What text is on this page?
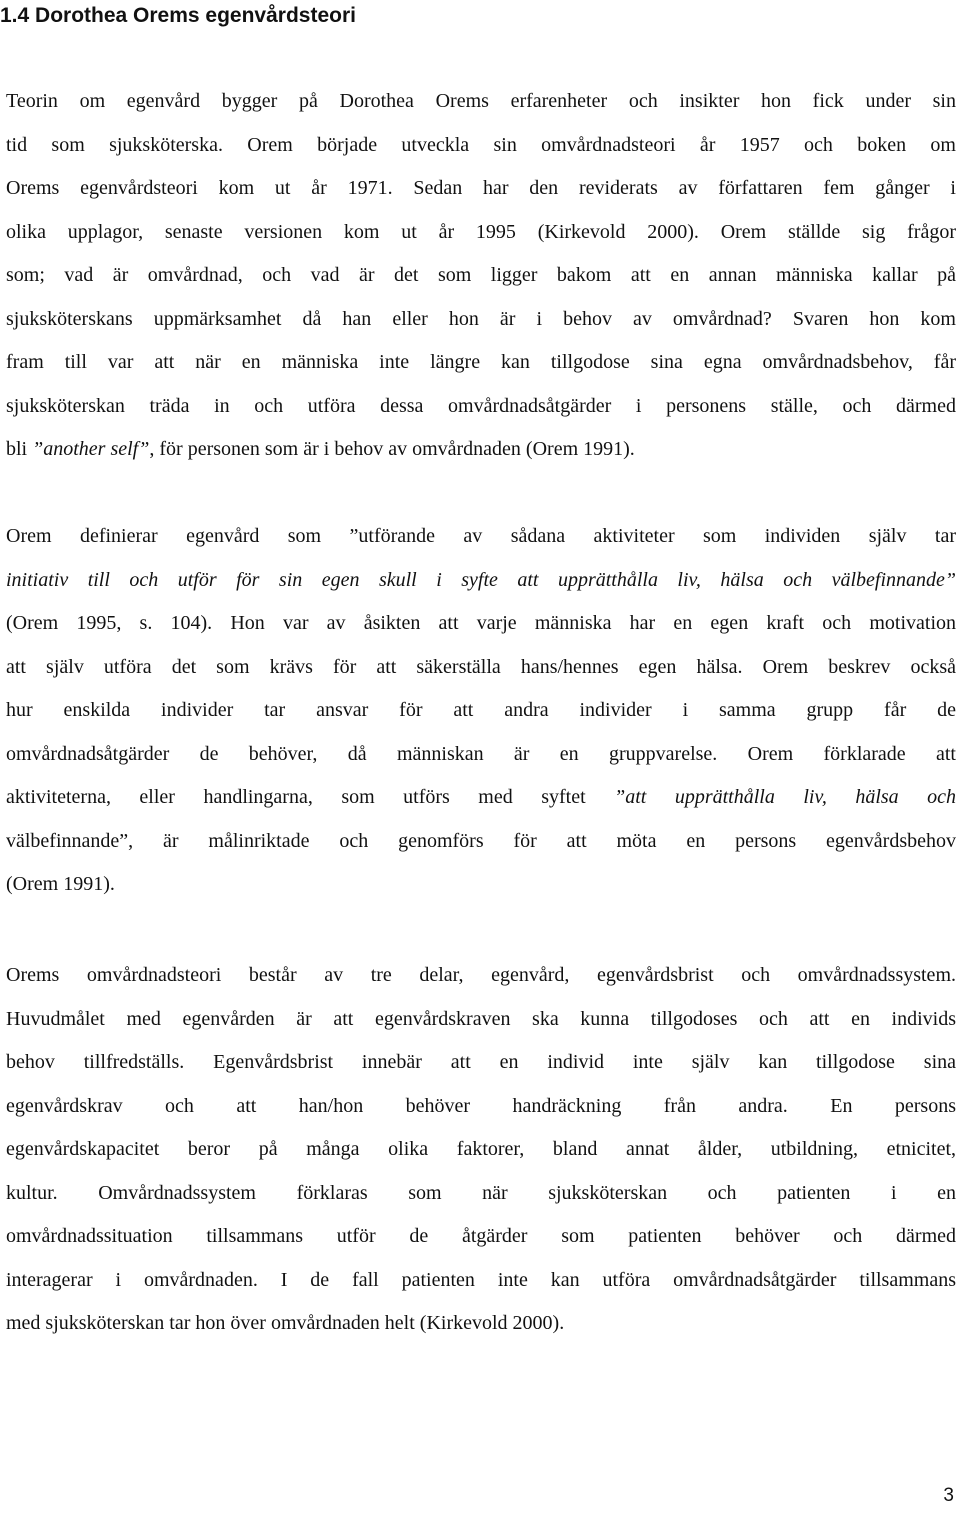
1.4 Dorothea Orems egenvårdsteori
Teorin om egenvård bygger på Dorothea Orems erfarenheter och insikter hon fick under sin
tid som sjuksköterska. Orem började utveckla sin omvårdnadsteori år 1957 och boken om
Orems egenvårdsteori kom ut år 1971. Sedan har den reviderats av författaren fem gånger i
olika upplagor, senaste versionen kom ut år 1995 (Kirkevold 2000). Orem ställde sig frågor
som; vad är omvårdnad, och vad är det som ligger bakom att en annan människa kallar på
sjuksköterskans uppmärksamhet då han eller hon är i behov av omvårdnad? Svaren hon kom
fram till var att när en människa inte längre kan tillgodose sina egna omvårdnadsbehov, får
sjuksköterskan träda in och utföra dessa omvårdnadsåtgärder i personens ställe, och därmed
bli ”another self”, för personen som är i behov av omvårdnaden (Orem 1991).
Orem definierar egenvård som ”utförande av sådana aktiviteter som individen själv tar
initiativ till och utför för sin egen skull i syfte att upprätthålla liv, hälsa och välbefinnande”
(Orem 1995, s. 104). Hon var av åsikten att varje människa har en egen kraft och motivation
att själv utföra det som krävs för att säkerställa hans/hennes egen hälsa. Orem beskrev också
hur enskilda individer tar ansvar för att andra individer i samma grupp får de
omvårdnadsåtgärder de behöver, då människan är en gruppvarelse. Orem förklarade att
aktiviteterna, eller handlingarna, som utförs med syftet ”att upprätthålla liv, hälsa och
välbefinnande”, är målinriktade och genomförs för att möta en persons egenvårdsbehov
(Orem 1991).
Orems omvårdnadsteori består av tre delar, egenvård, egenvårdsbrist och omvårdnadssystem.
Huvudmålet med egenvården är att egenvårdskraven ska kunna tillgodoses och att en individs
behov tillfredställs. Egenvårdsbrist innebär att en individ inte själv kan tillgodose sina
egenvårdskrav och att han/hon behöver handräckning från andra. En persons
egenvårdskapacitet beror på många olika faktorer, bland annat ålder, utbildning, etnicitet,
kultur. Omvårdnadssystem förklaras som när sjuksköterskan och patienten i en
omvårdnadssituation tillsammans utför de åtgärder som patienten behöver och därmed
interagerar i omvårdnaden. I de fall patienten inte kan utföra omvårdnadsåtgärder tillsammans
med sjuksköterskan tar hon över omvårdnaden helt (Kirkevold 2000).
3
